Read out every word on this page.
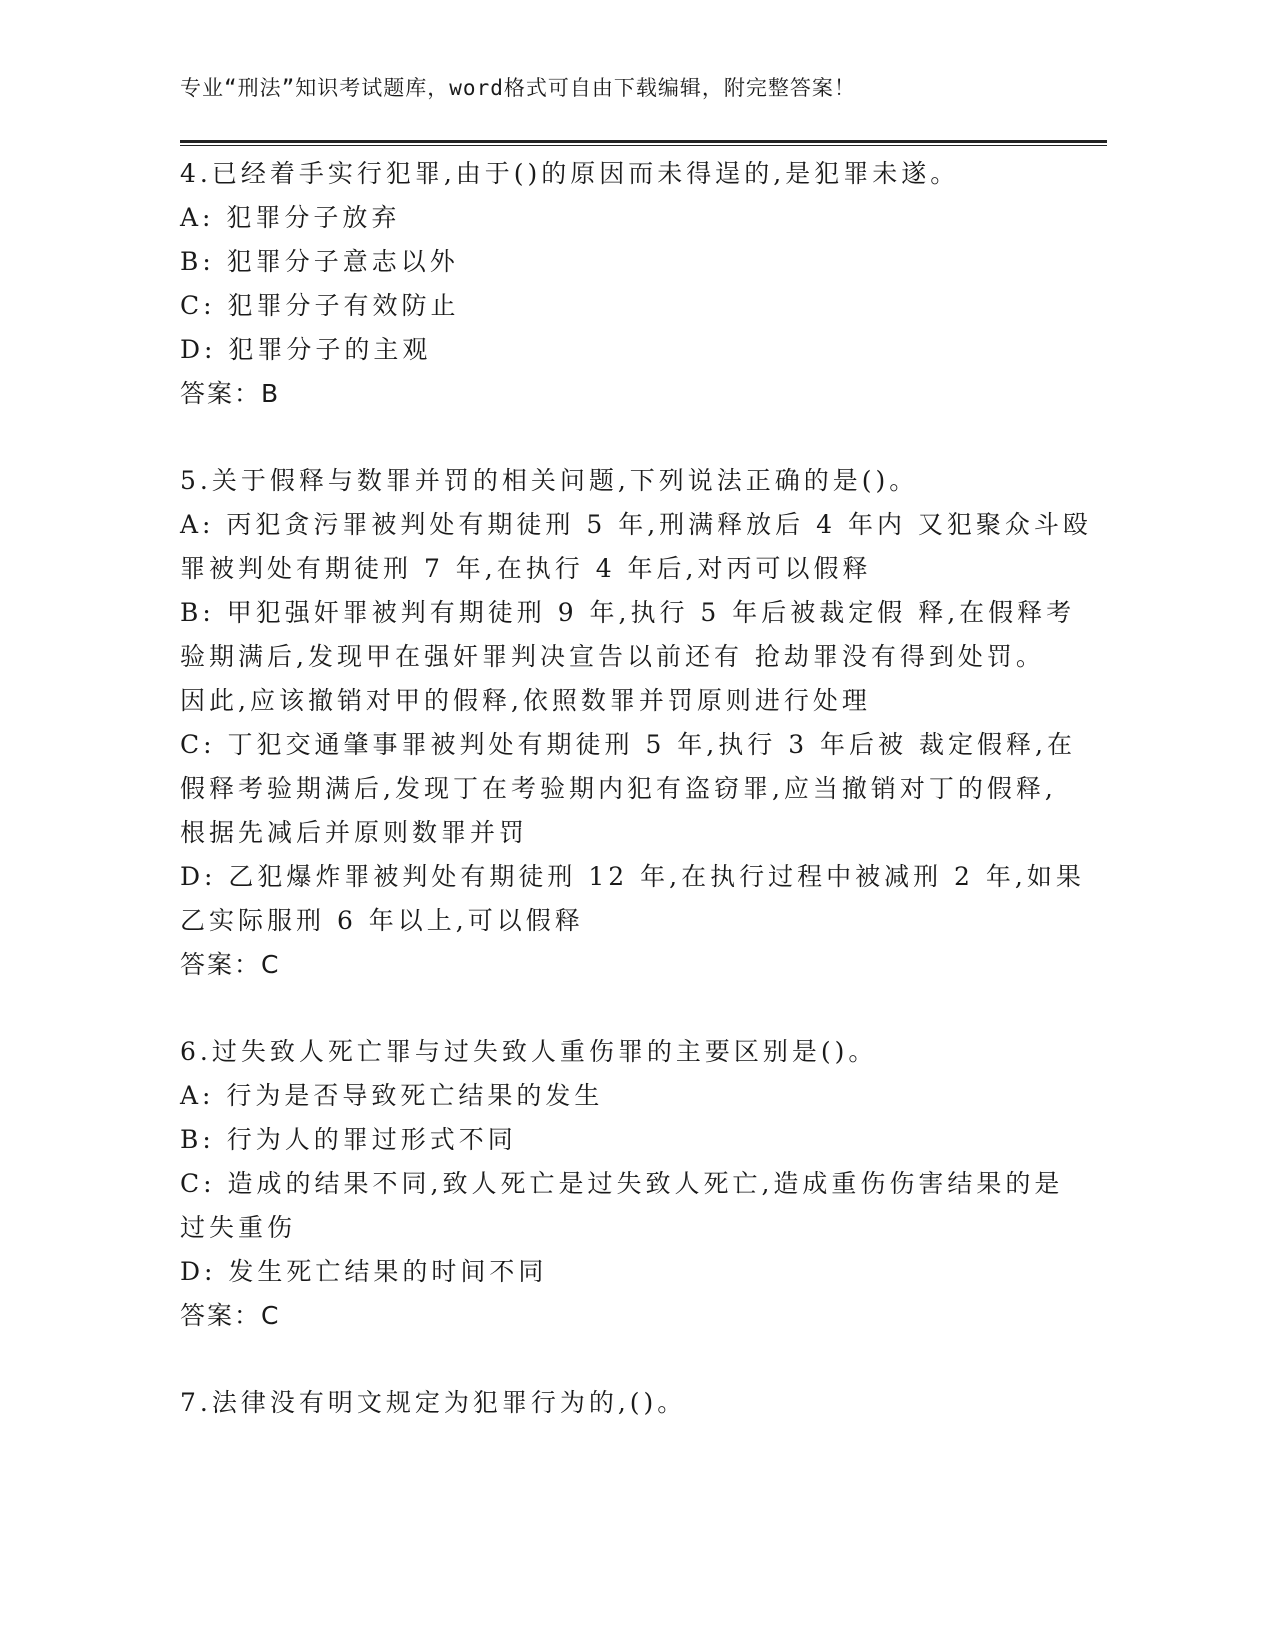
专业“刑法”知识考试题库，word格式可自由下载编辑，附完整答案！
4.已经着手实行犯罪,由于()的原因而未得逞的,是犯罪未遂。
A: 犯罪分子放弃
B: 犯罪分子意志以外
C: 犯罪分子有效防止
D: 犯罪分子的主观
答案：B
5.关于假释与数罪并罚的相关问题,下列说法正确的是()。
A: 丙犯贪污罪被判处有期徒刑 5 年,刑满释放后 4 年内 又犯聚众斗殴
罪被判处有期徒刑 7 年,在执行 4 年后,对丙可以假释
B: 甲犯强奸罪被判有期徒刑 9 年,执行 5 年后被裁定假 释,在假释考
验期满后,发现甲在强奸罪判决宣告以前还有 抢劫罪没有得到处罚。
因此,应该撤销对甲的假释,依照数罪并罚原则进行处理
C: 丁犯交通肇事罪被判处有期徒刑 5 年,执行 3 年后被 裁定假释,在
假释考验期满后,发现丁在考验期内犯有盗窃罪,应当撤销对丁的假释,
根据先减后并原则数罪并罚
D: 乙犯爆炸罪被判处有期徒刑 12 年,在执行过程中被减刑 2 年,如果
乙实际服刑 6 年以上,可以假释
答案：C
6.过失致人死亡罪与过失致人重伤罪的主要区别是()。
A: 行为是否导致死亡结果的发生
B: 行为人的罪过形式不同
C: 造成的结果不同,致人死亡是过失致人死亡,造成重伤伤害结果的是
过失重伤
D: 发生死亡结果的时间不同
答案：C
7.法律没有明文规定为犯罪行为的,()。
